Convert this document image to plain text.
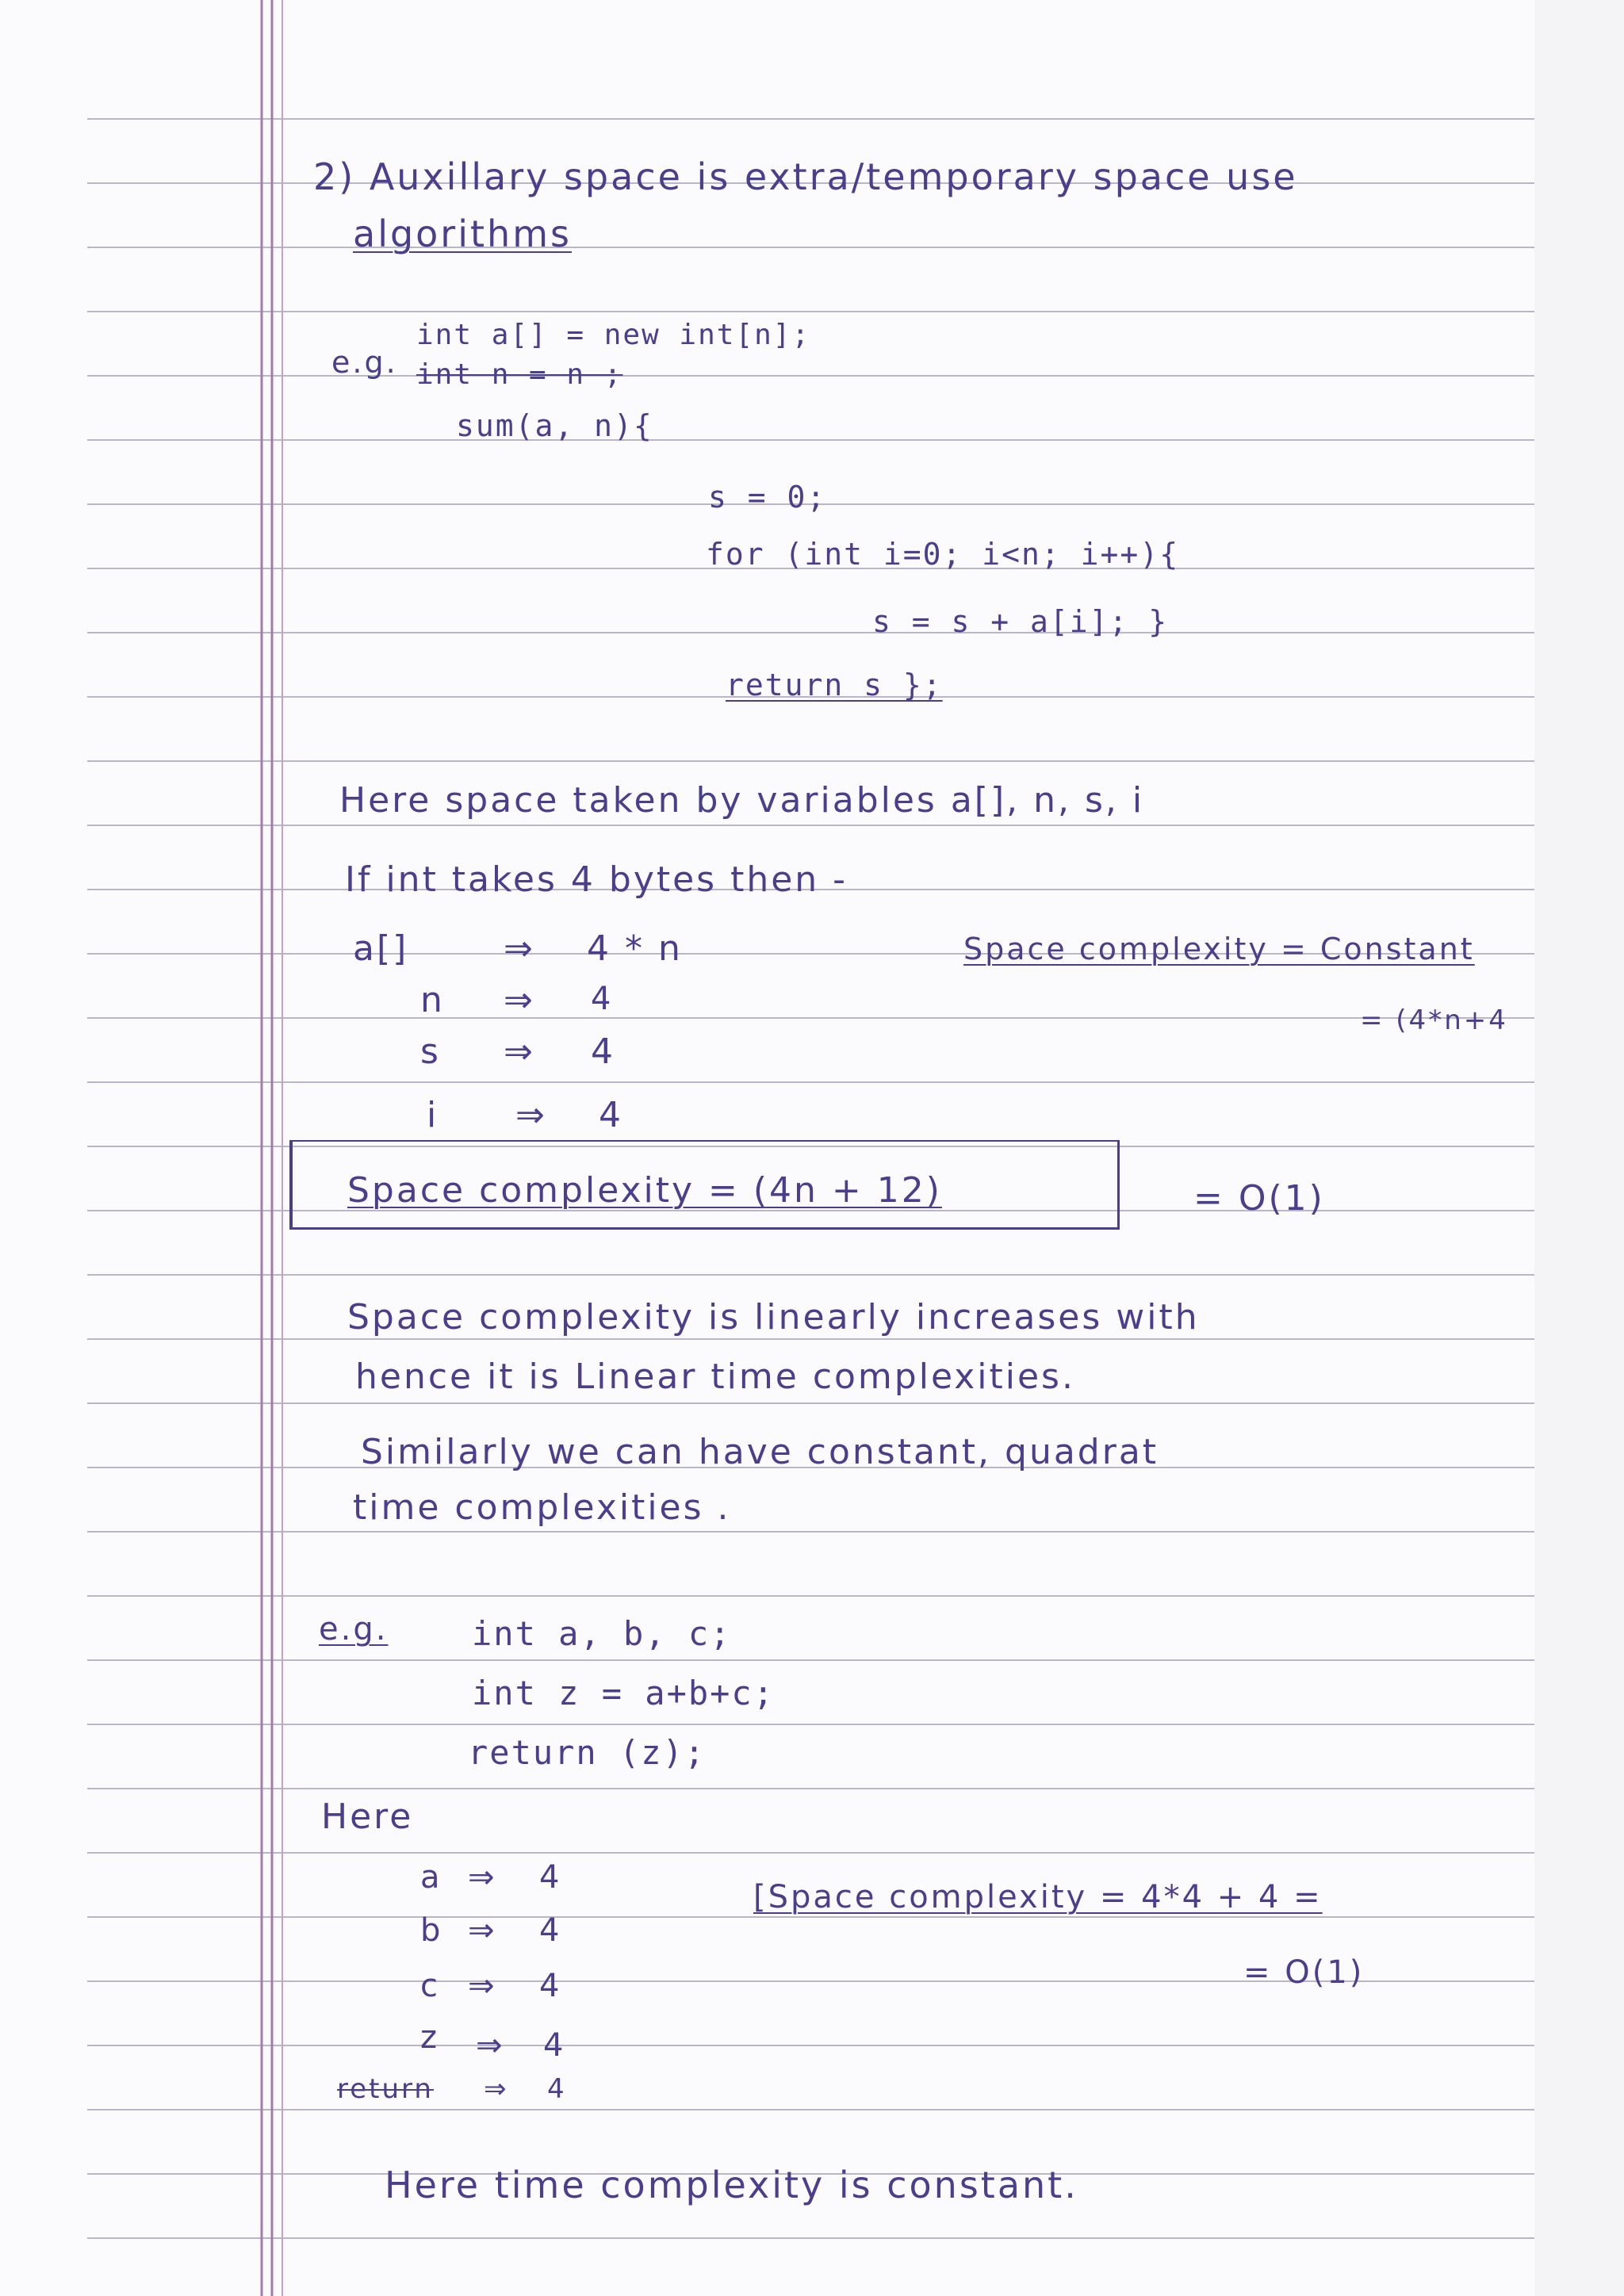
2) Auxillary space is extra/temporary space use
algorithms
e.g.
int a[] = new int[n];
int n = n ;
sum(a, n){
s = 0;
for (int i=0; i<n; i++){
s = s + a[i]; }
return s };
Here space taken by variables a[], n, s, i
If int takes 4 bytes then -
a[]	⇒ 4 * n
n ⇒ 4
s ⇒ 4
i ⇒ 4
Space complexity = Constant
= (4*n+4
Space complexity = (4n + 12)	= O(1)
Space complexity is linearly increases with
hence it is Linear time complexities.
Similarly we can have constant, quadrat
time complexities .
e.g.	int a, b, c;
int z = a+b+c;
return (z);
Here
a ⇒ 4
b ⇒ 4
c ⇒ 4
z ⇒ 4
return ⇒ 4
[Space complexity = 4*4 + 4 =
= O(1)
Here time complexity is constant.
